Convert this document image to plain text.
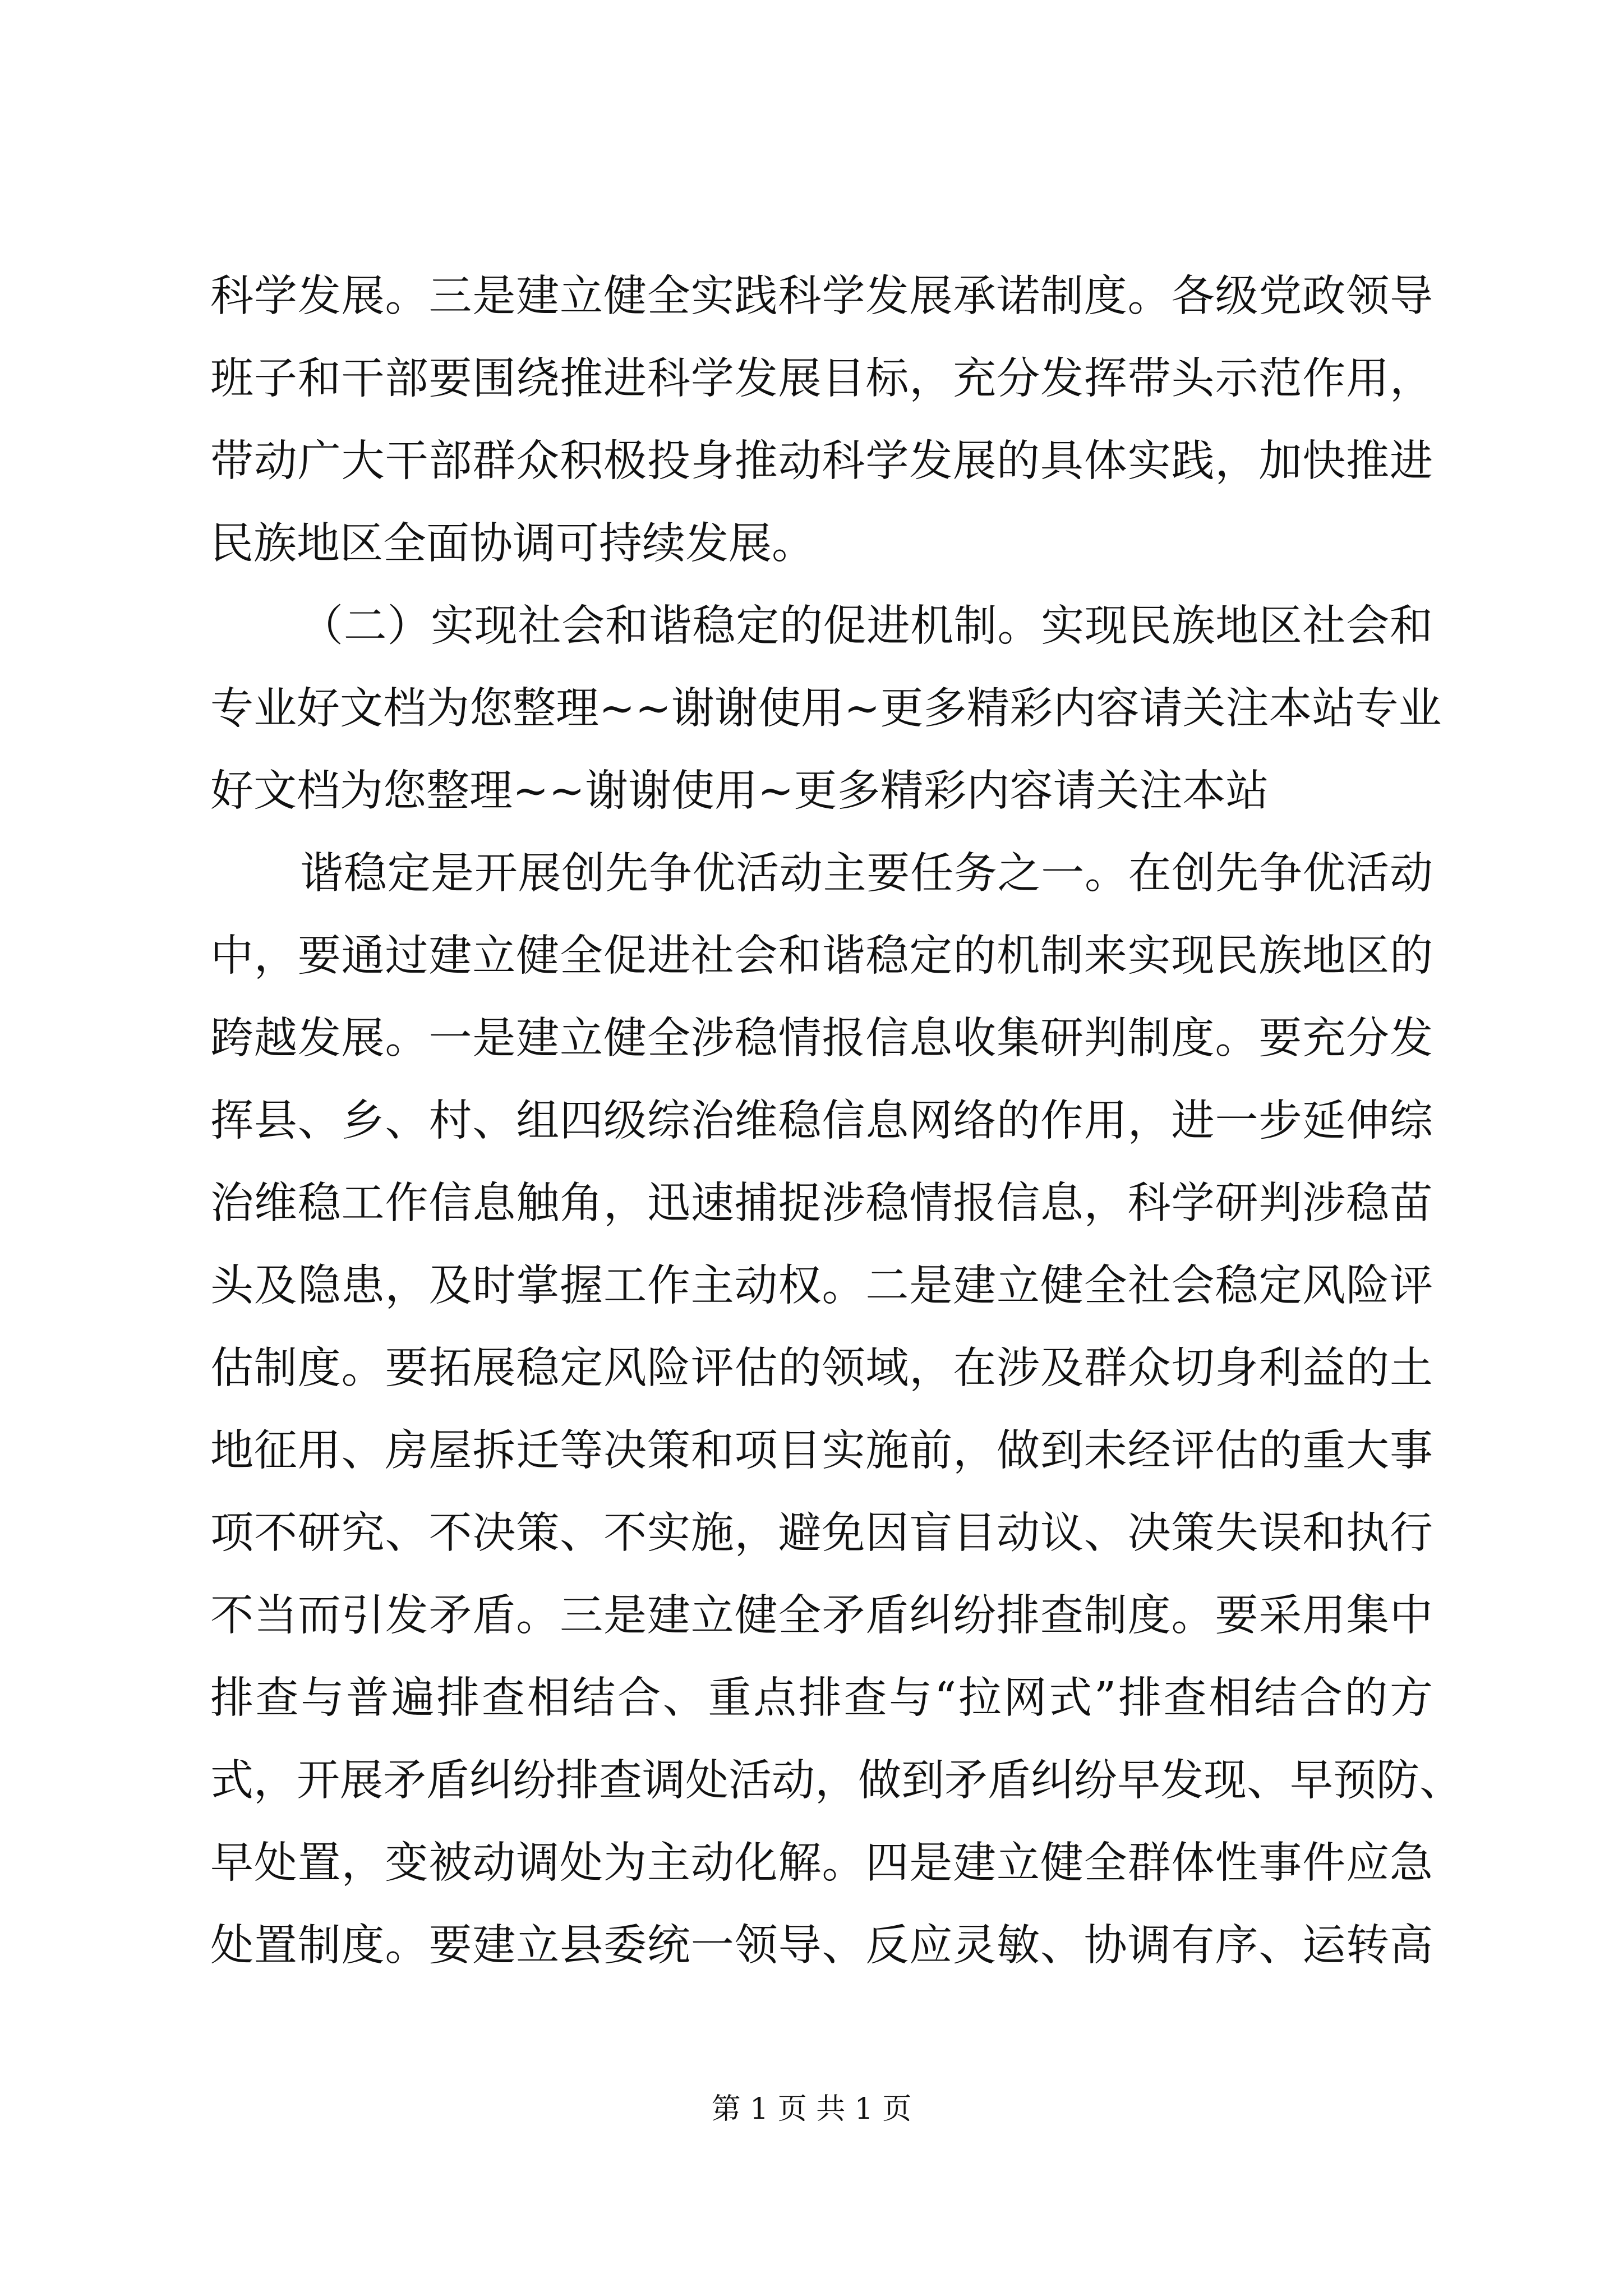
科学发展。三是建立健全实践科学发展承诺制度。各级党政领导
班子和干部要围绕推进科学发展目标，充分发挥带头示范作用，
带动广大干部群众积极投身推动科学发展的具体实践，加快推进
民族地区全面协调可持续发展。
（二）实现社会和谐稳定的促进机制。实现民族地区社会和
专业好文档为您整理~~谢谢使用~更多精彩内容请关注本站专业
好文档为您整理~~谢谢使用~更多精彩内容请关注本站
谐稳定是开展创先争优活动主要任务之一。在创先争优活动
中，要通过建立健全促进社会和谐稳定的机制来实现民族地区的
跨越发展。一是建立健全涉稳情报信息收集研判制度。要充分发
挥县、乡、村、组四级综治维稳信息网络的作用，进一步延伸综
治维稳工作信息触角，迅速捕捉涉稳情报信息，科学研判涉稳苗
头及隐患，及时掌握工作主动权。二是建立健全社会稳定风险评
估制度。要拓展稳定风险评估的领域，在涉及群众切身利益的土
地征用、房屋拆迁等决策和项目实施前，做到未经评估的重大事
项不研究、不决策、不实施，避免因盲目动议、决策失误和执行
不当而引发矛盾。三是建立健全矛盾纠纷排查制度。要采用集中
排查与普遍排查相结合、重点排查与“拉网式”排查相结合的方
式，开展矛盾纠纷排查调处活动，做到矛盾纠纷早发现、早预防、
早处置，变被动调处为主动化解。四是建立健全群体性事件应急
处置制度。要建立县委统一领导、反应灵敏、协调有序、运转高
第 1 页 共 1 页
